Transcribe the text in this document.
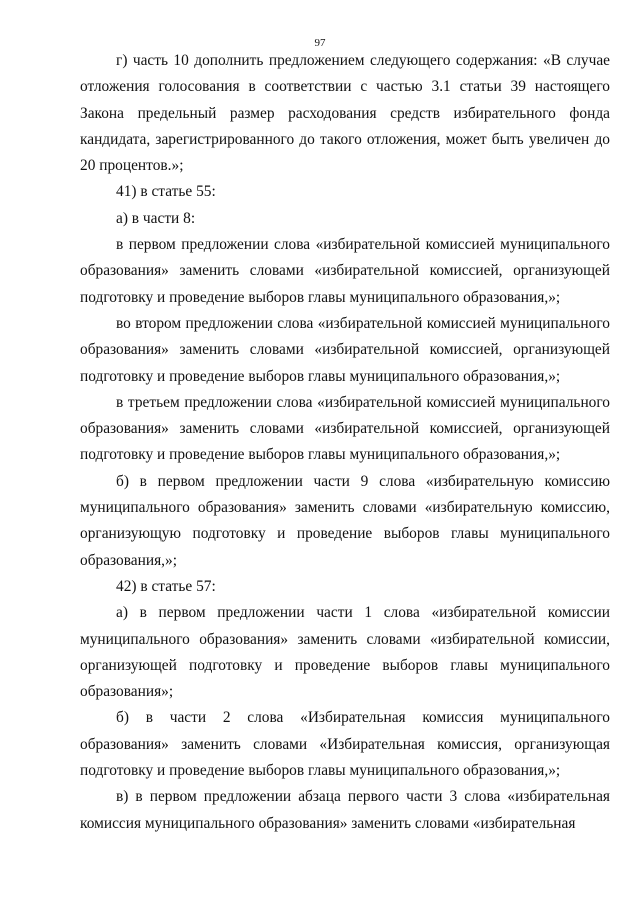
97

г) часть 10 дополнить предложением следующего содержания: «В случае отложения голосования в соответствии с частью 3.1 статьи 39 настоящего Закона предельный размер расходования средств избирательного фонда кандидата, зарегистрированного до такого отложения, может быть увеличен до 20 процентов.»;

41) в статье 55:

а) в части 8:

в первом предложении слова «избирательной комиссией муниципального образования» заменить словами «избирательной комиссией, организующей подготовку и проведение выборов главы муниципального образования,»;

во втором предложении слова «избирательной комиссией муниципального образования» заменить словами «избирательной комиссией, организующей подготовку и проведение выборов главы муниципального образования,»;

в третьем предложении слова «избирательной комиссией муниципального образования» заменить словами «избирательной комиссией, организующей подготовку и проведение выборов главы муниципального образования,»;

б) в первом предложении части 9 слова «избирательную комиссию муниципального образования» заменить словами «избирательную комиссию, организующую подготовку и проведение выборов главы муниципального образования,»;

42) в статье 57:

а) в первом предложении части 1 слова «избирательной комиссии муниципального образования» заменить словами «избирательной комиссии, организующей подготовку и проведение выборов главы муниципального образования»;

б) в части 2 слова «Избирательная комиссия муниципального образования» заменить словами «Избирательная комиссия, организующая подготовку и проведение выборов главы муниципального образования,»;

в) в первом предложении абзаца первого части 3 слова «избирательная комиссия муниципального образования» заменить словами «избирательная
